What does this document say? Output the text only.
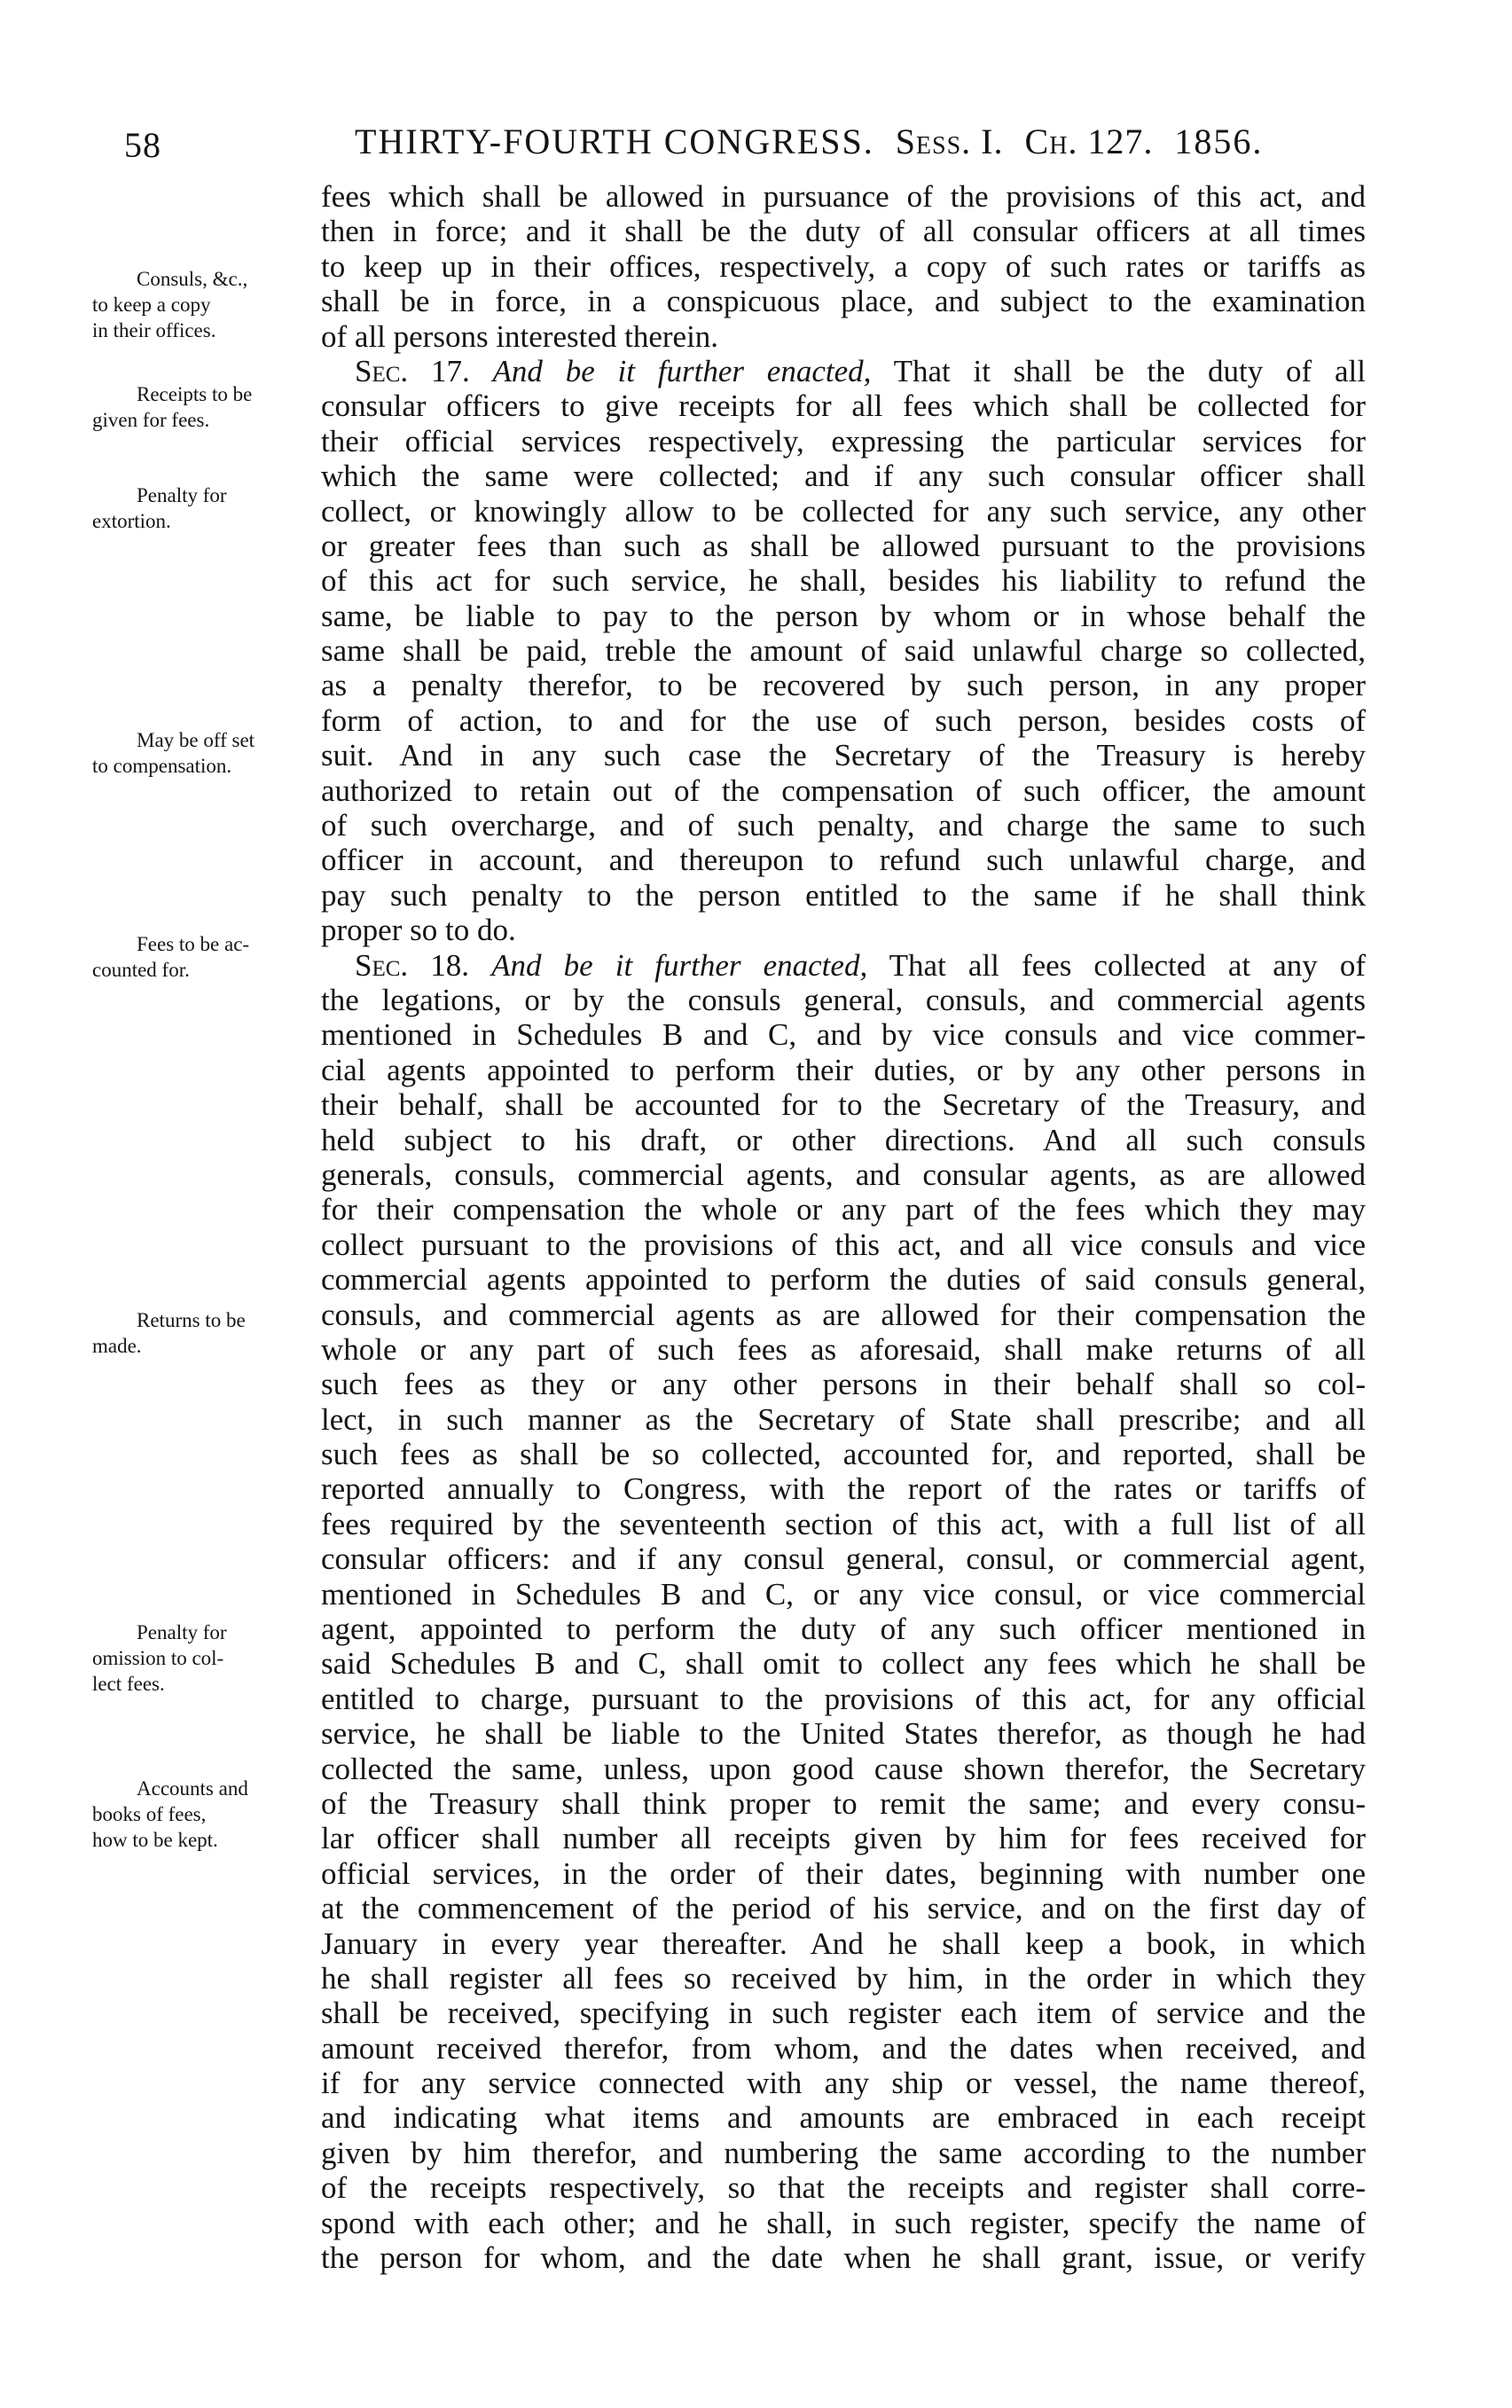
58	THIRTY-FOURTH CONGRESS. Sess. I. Ch. 127. 1856.
Consuls, &c.,
to keep a copy
in their offices.
Receipts to be
given for fees.
Penalty for
extortion.
May be off set
to compensation.
Fees to be ac-
counted for.
Returns to be
made.
Penalty for
omission to col-
lect fees.
Accounts and
books of fees,
how to be kept.
fees which shall be allowed in pursuance of the provisions of this act, and
then in force; and it shall be the duty of all consular officers at all times
to keep up in their offices, respectively, a copy of such rates or tariffs as
shall be in force, in a conspicuous place, and subject to the examination
of all persons interested therein.
Sec. 17. And be it further enacted, That it shall be the duty of all
consular officers to give receipts for all fees which shall be collected for
their official services respectively, expressing the particular services for
which the same were collected; and if any such consular officer shall
collect, or knowingly allow to be collected for any such service, any other
or greater fees than such as shall be allowed pursuant to the provisions
of this act for such service, he shall, besides his liability to refund the
same, be liable to pay to the person by whom or in whose behalf the
same shall be paid, treble the amount of said unlawful charge so collected,
as a penalty therefor, to be recovered by such person, in any proper
form of action, to and for the use of such person, besides costs of
suit. And in any such case the Secretary of the Treasury is hereby
authorized to retain out of the compensation of such officer, the amount
of such overcharge, and of such penalty, and charge the same to such
officer in account, and thereupon to refund such unlawful charge, and
pay such penalty to the person entitled to the same if he shall think
proper so to do.
Sec. 18. And be it further enacted, That all fees collected at any of
the legations, or by the consuls general, consuls, and commercial agents
mentioned in Schedules B and C, and by vice consuls and vice commer-
cial agents appointed to perform their duties, or by any other persons in
their behalf, shall be accounted for to the Secretary of the Treasury, and
held subject to his draft, or other directions. And all such consuls
generals, consuls, commercial agents, and consular agents, as are allowed
for their compensation the whole or any part of the fees which they may
collect pursuant to the provisions of this act, and all vice consuls and vice
commercial agents appointed to perform the duties of said consuls general,
consuls, and commercial agents as are allowed for their compensation the
whole or any part of such fees as aforesaid, shall make returns of all
such fees as they or any other persons in their behalf shall so col-
lect, in such manner as the Secretary of State shall prescribe; and all
such fees as shall be so collected, accounted for, and reported, shall be
reported annually to Congress, with the report of the rates or tariffs of
fees required by the seventeenth section of this act, with a full list of all
consular officers: and if any consul general, consul, or commercial agent,
mentioned in Schedules B and C, or any vice consul, or vice commercial
agent, appointed to perform the duty of any such officer mentioned in
said Schedules B and C, shall omit to collect any fees which he shall be
entitled to charge, pursuant to the provisions of this act, for any official
service, he shall be liable to the United States therefor, as though he had
collected the same, unless, upon good cause shown therefor, the Secretary
of the Treasury shall think proper to remit the same; and every consu-
lar officer shall number all receipts given by him for fees received for
official services, in the order of their dates, beginning with number one
at the commencement of the period of his service, and on the first day of
January in every year thereafter. And he shall keep a book, in which
he shall register all fees so received by him, in the order in which they
shall be received, specifying in such register each item of service and the
amount received therefor, from whom, and the dates when received, and
if for any service connected with any ship or vessel, the name thereof,
and indicating what items and amounts are embraced in each receipt
given by him therefor, and numbering the same according to the number
of the receipts respectively, so that the receipts and register shall corre-
spond with each other; and he shall, in such register, specify the name of
the person for whom, and the date when he shall grant, issue, or verify
